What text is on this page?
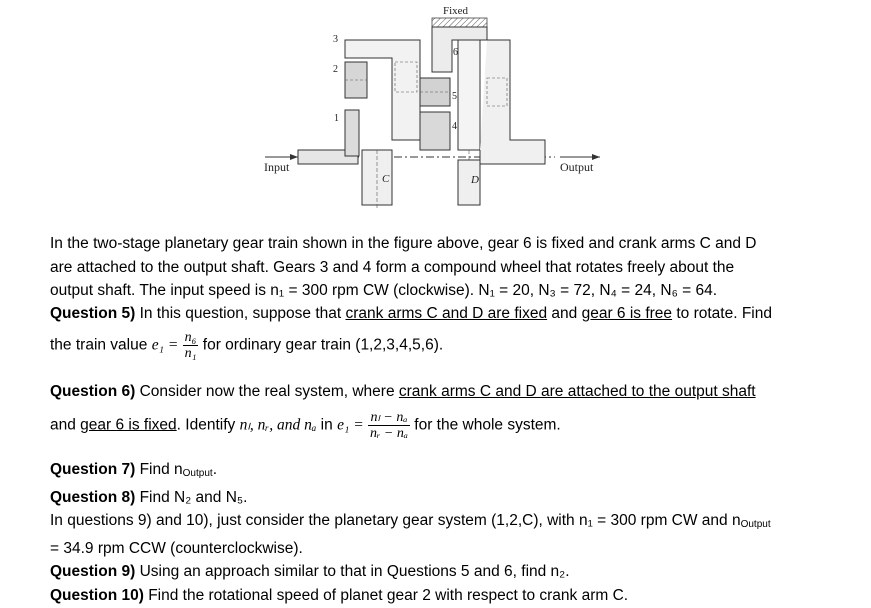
Fixed
Input	Output
1
C
2
3
4
5
6
D
In the two-stage planetary gear train shown in the figure above, gear 6 is fixed and crank arms C and D
are attached to the output shaft. Gears 3 and 4 form a compound wheel that rotates freely about the
output shaft. The input speed is n₁ = 300 rpm CW (clockwise). N₁ = 20, N₃ = 72, N₄ = 24, N₆ = 64.
Question 5) In this question, suppose that crank arms C and D are fixed and gear 6 is free to rotate. Find
the train value $e_1 = \frac{\text{n₆}}{\text{n₁}}$ for ordinary gear train (1,2,3,4,5,6).
Question 6) Consider now the real system, where crank arms C and D are attached to the output shaft
and gear 6 is fixed. Identify nₗ, nᵣ, and nₐ in $e_1 = \frac{\text{nₗ − nₐ}}{\text{nᵣ − nₐ}}$ for the whole system.
Question 7) Find nOutput.
Question 8) Find N₂ and N₅.
In questions 9) and 10), just consider the planetary gear system (1,2,C), with n₁ = 300 rpm CW and nOutput
= 34.9 rpm CCW (counterclockwise).
Question 9) Using an approach similar to that in Questions 5 and 6, find n₂.
Question 10) Find the rotational speed of planet gear 2 with respect to crank arm C.
